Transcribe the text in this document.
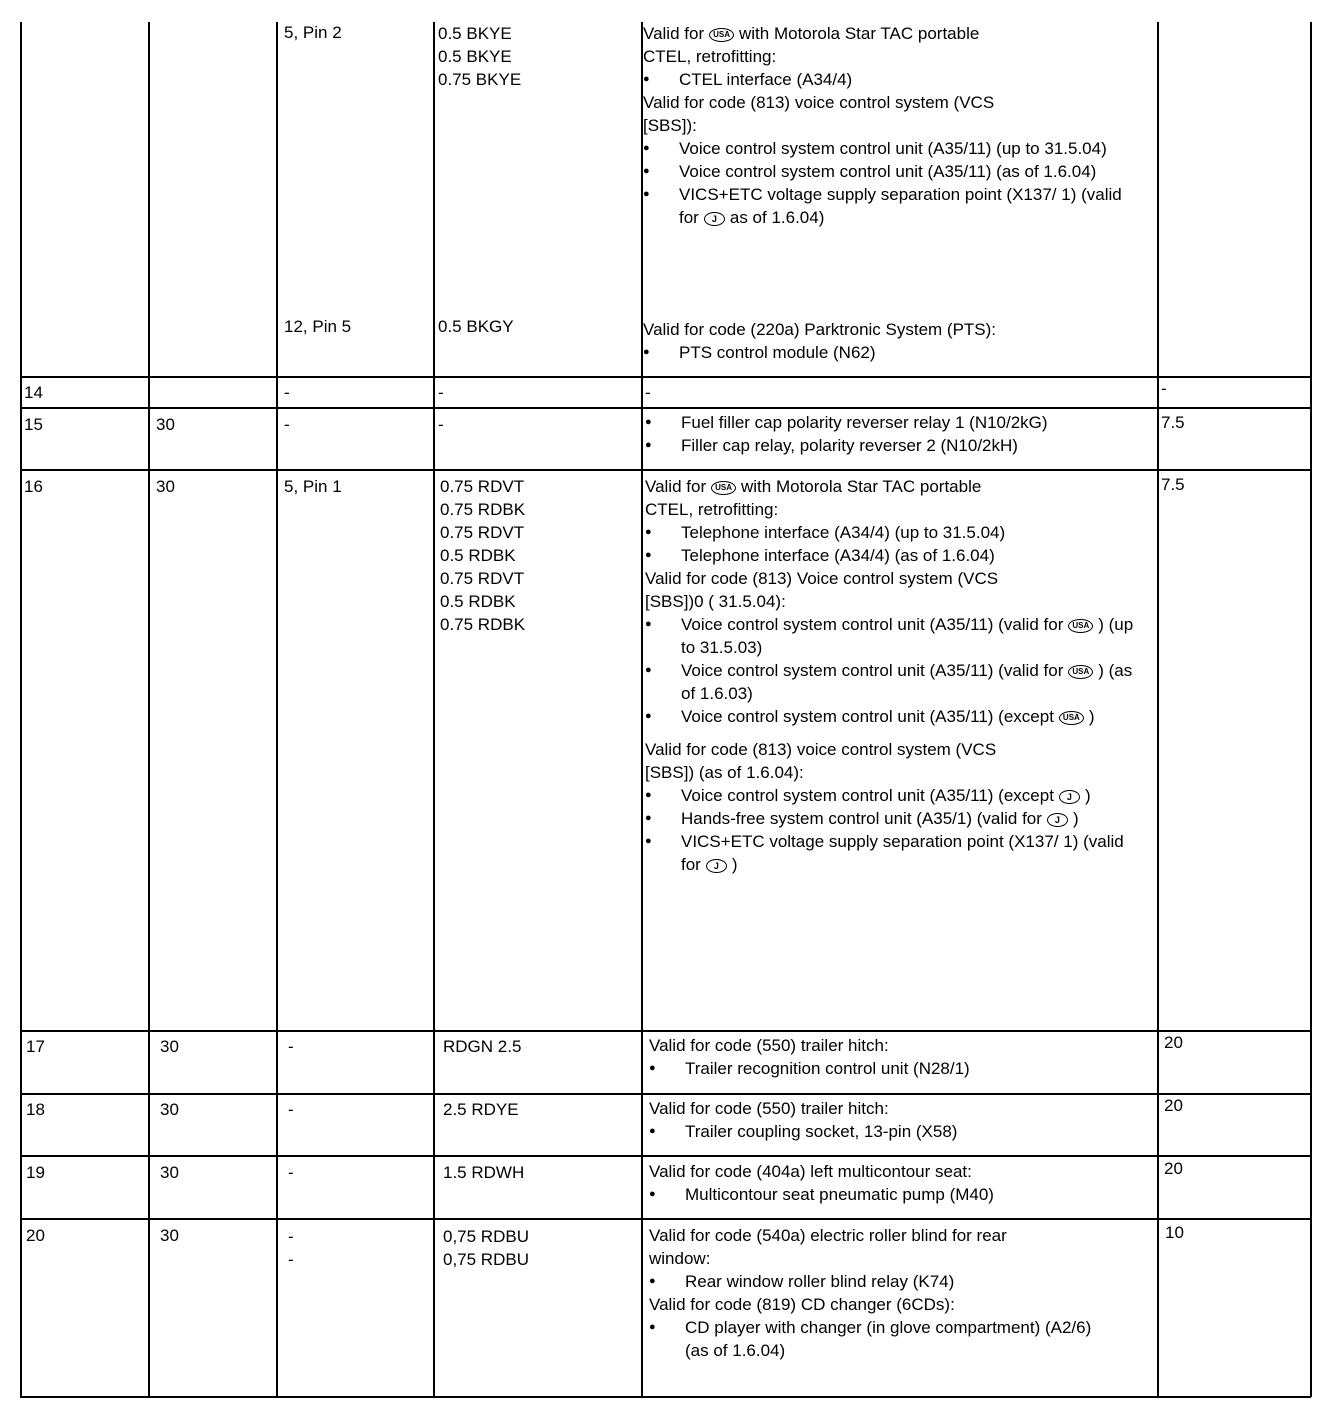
5, Pin 2	0.5 BKYE
0.5 BKYE
0.75 BKYE
Valid for USA with Motorola Star TAC portable
CTEL, retrofitting:
● CTEL interface (A34/4)
Valid for code (813) voice control system (VCS
[SBS]):
● Voice control system control unit (A35/11) (up to 31.5.04)
● Voice control system control unit (A35/11) (as of 1.6.04)
● VICS+ETC voltage supply separation point (X137/ 1) (valid for J as of 1.6.04)
12, Pin 5	0.5 BKGY	Valid for code (220a) Parktronic System (PTS):
● PTS control module (N62)
14	-	-	-	-
15	30	-	-
●	Fuel filler cap polarity reverser relay 1 (N10/2kG)
● Filler cap relay, polarity reverser 2 (N10/2kH)
7.5
16	30	5, Pin 1	0.75 RDVT
0.75 RDBK
0.75 RDVT
0.5 RDBK
0.75 RDVT
0.5 RDBK
0.75 RDBK
7.5
Valid for USA with Motorola Star TAC portable
CTEL, retrofitting:
● Telephone interface (A34/4) (up to 31.5.04)
● Telephone interface (A34/4) (as of 1.6.04)
Valid for code (813) Voice control system (VCS
[SBS])0 ( 31.5.04):
● Voice control system control unit (A35/11) (valid for USA ) (up to 31.5.03)
● Voice control system control unit (A35/11) (valid for USA ) (as of 1.6.03)
● Voice control system control unit (A35/11) (except USA )
Valid for code (813) voice control system (VCS
[SBS]) (as of 1.6.04):
● Voice control system control unit (A35/11) (except J )
● Hands-free system control unit (A35/1) (valid for J )
● VICS+ETC voltage supply separation point (X137/ 1) (valid for J )
17	30	-	RDGN 2.5	Valid for code (550) trailer hitch:
● Trailer recognition control unit (N28/1)
20
18	30	-	2.5 RDYE	Valid for code (550) trailer hitch:
● Trailer coupling socket, 13-pin (X58)
20
19	30	-	1.5 RDWH	Valid for code (404a) left multicontour seat:
● Multicontour seat pneumatic pump (M40)
20
20	30	-
-
0,75 RDBU
0,75 RDBU
Valid for code (540a) electric roller blind for rear window:
● Rear window roller blind relay (K74)
Valid for code (819) CD changer (6CDs):
● CD player with changer (in glove compartment) (A2/6) (as of 1.6.04)
10
